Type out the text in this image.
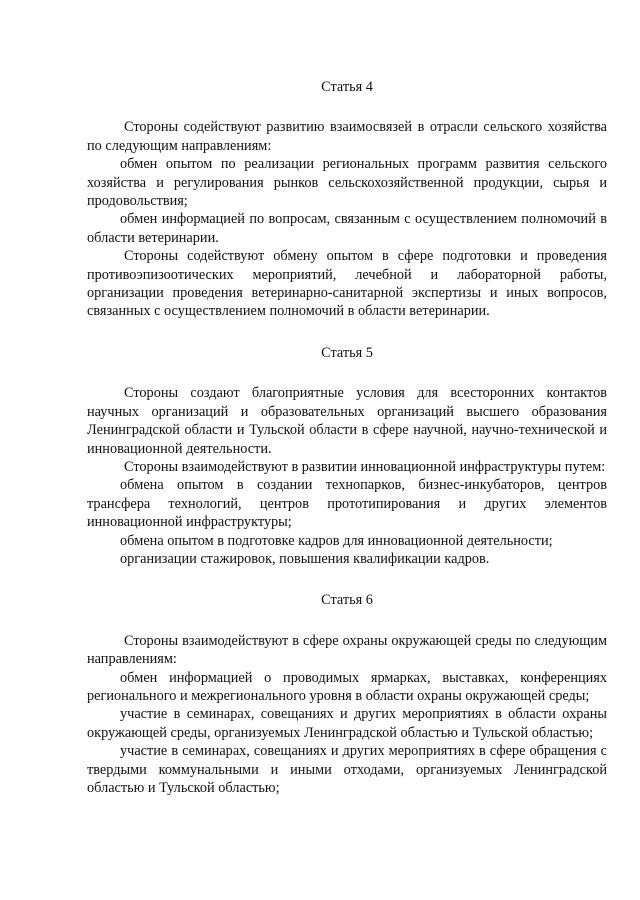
Статья 4

Стороны содействуют развитию взаимосвязей в отрасли сельского хозяйства по следующим направлениям:

обмен опытом по реализации региональных программ развития сельского хозяйства и регулирования рынков сельскохозяйственной продукции, сырья и продовольствия;

обмен информацией по вопросам, связанным с осуществлением полномочий в области ветеринарии.

Стороны содействуют обмену опытом в сфере подготовки и проведения противоэпизоотических мероприятий, лечебной и лабораторной работы, организации проведения ветеринарно-санитарной экспертизы и иных вопросов, связанных с осуществлением полномочий в области ветеринарии.

Статья 5

Стороны создают благоприятные условия для всесторонних контактов научных организаций и образовательных организаций высшего образования Ленинградской области и Тульской области в сфере научной, научно-технической и инновационной деятельности.

Стороны взаимодействуют в развитии инновационной инфраструктуры путем:

обмена опытом в создании технопарков, бизнес-инкубаторов, центров трансфера технологий, центров прототипирования и других элементов инновационной инфраструктуры;

обмена опытом в подготовке кадров для инновационной деятельности;

организации стажировок, повышения квалификации кадров.

Статья 6

Стороны взаимодействуют в сфере охраны окружающей среды по следующим направлениям:

обмен информацией о проводимых ярмарках, выставках, конференциях регионального и межрегионального уровня в области охраны окружающей среды;

участие в семинарах, совещаниях и других мероприятиях в области охраны окружающей среды, организуемых Ленинградской областью и Тульской областью;

участие в семинарах, совещаниях и других мероприятиях в сфере обращения с твердыми коммунальными и иными отходами, организуемых Ленинградской областью и Тульской областью;
